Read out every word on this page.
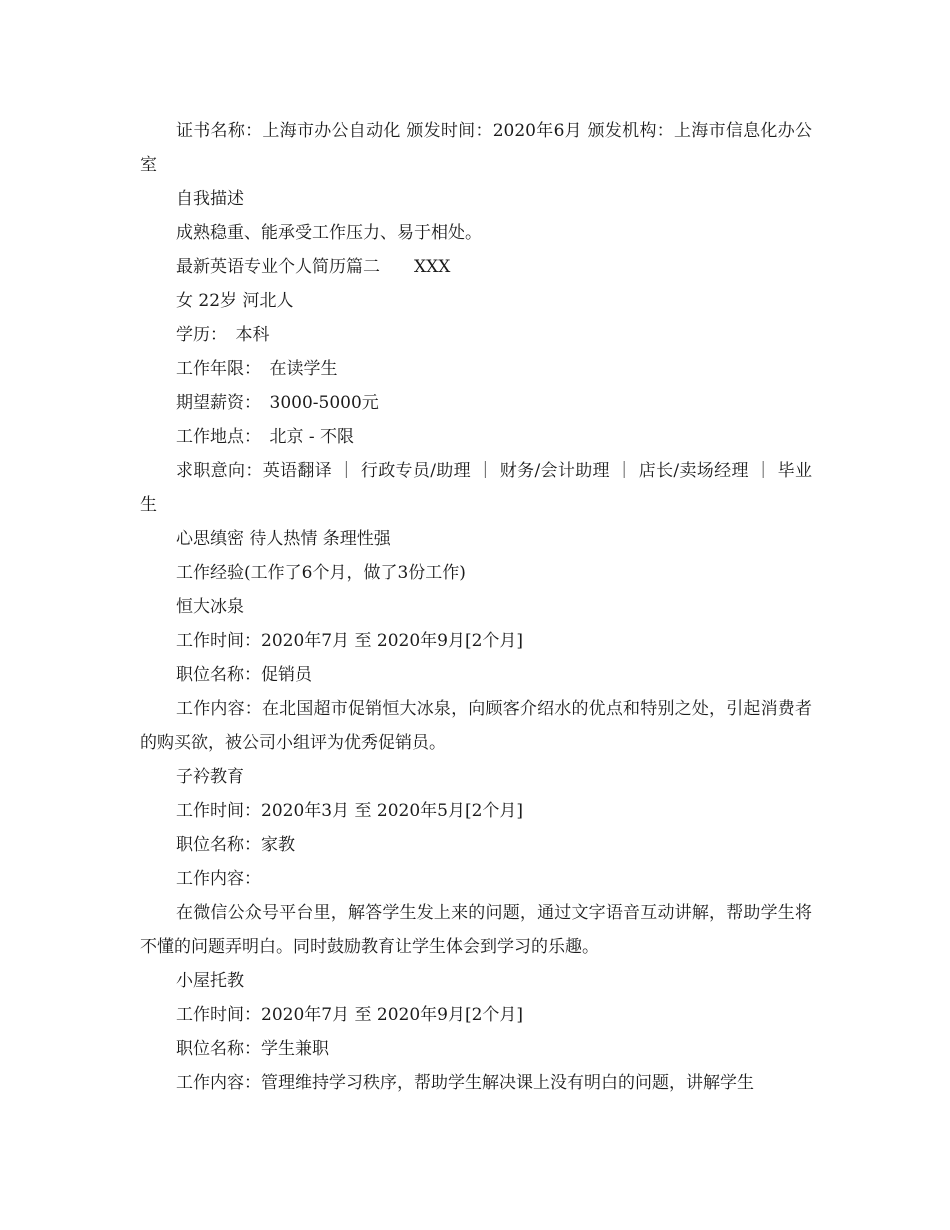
证书名称：上海市办公自动化 颁发时间：2020年6月 颁发机构：上海市信息化办公室

自我描述

成熟稳重、能承受工作压力、易于相处。

最新英语专业个人简历篇二　　XXX

女 22岁 河北人

学历：　本科

工作年限：　在读学生

期望薪资：　3000-5000元

工作地点：　北京 - 不限

求职意向：英语翻译 ｜ 行政专员/助理 ｜ 财务/会计助理 ｜ 店长/卖场经理 ｜ 毕业生

心思缜密 待人热情 条理性强

工作经验(工作了6个月，做了3份工作)

恒大冰泉

工作时间：2020年7月 至 2020年9月[2个月]

职位名称：促销员

工作内容：在北国超市促销恒大冰泉，向顾客介绍水的优点和特别之处，引起消费者的购买欲，被公司小组评为优秀促销员。

子衿教育

工作时间：2020年3月 至 2020年5月[2个月]

职位名称：家教

工作内容：

在微信公众号平台里，解答学生发上来的问题，通过文字语音互动讲解，帮助学生将不懂的问题弄明白。同时鼓励教育让学生体会到学习的乐趣。

小屋托教

工作时间：2020年7月 至 2020年9月[2个月]

职位名称：学生兼职

工作内容：管理维持学习秩序，帮助学生解决课上没有明白的问题，讲解学生
